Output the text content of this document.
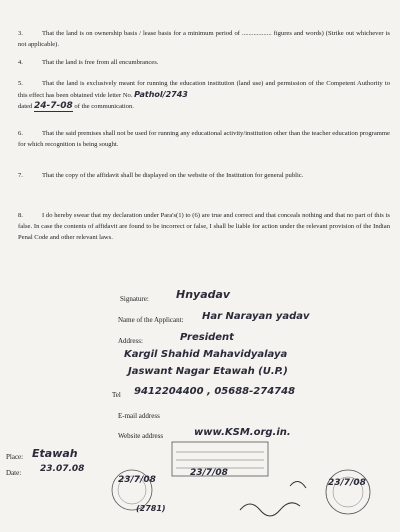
3.	That the land is on ownership basis / lease basis for a minimum period of .................. figures and words) (Strike out whichever is not applicable).
4.	That the land is free from all encumbrances.
5.	That the land is exclusively meant for running the education institution (land use) and permission of the Competent Authority to this effect has been obtained vide letter No. Pathol/2743
dated 24-7-08 of the communication.
6.	That the said premises shall not be used for running any educational activity/institution other than the teacher education programme for which recognition is being sought.
7.	That the copy of the affidavit shall be displayed on the website of the Institution for general public.
8.	I do hereby swear that my declaration under Para's(1) to (6) are true and correct and that conceals nothing and that no part of this is false. In case the contents of affidavit are found to be incorrect or false, I shall be liable for action under the relevant provision of the Indian Penal Code and other relevant laws.
Signature: Hnyadav
Name of the Applicant: Har Narayan yadav
Address:	President
Kargil Shahid Mahavidyalaya
Jaswant Nagar Etawah (U.P.)
Tel 9412204400 , 05688-274748
E-mail address
Website address	www.KSM.org.in.
Place: Etawah
Date: 23.07.08
23/7/08
23/7/08
23/7/08
(2781)
